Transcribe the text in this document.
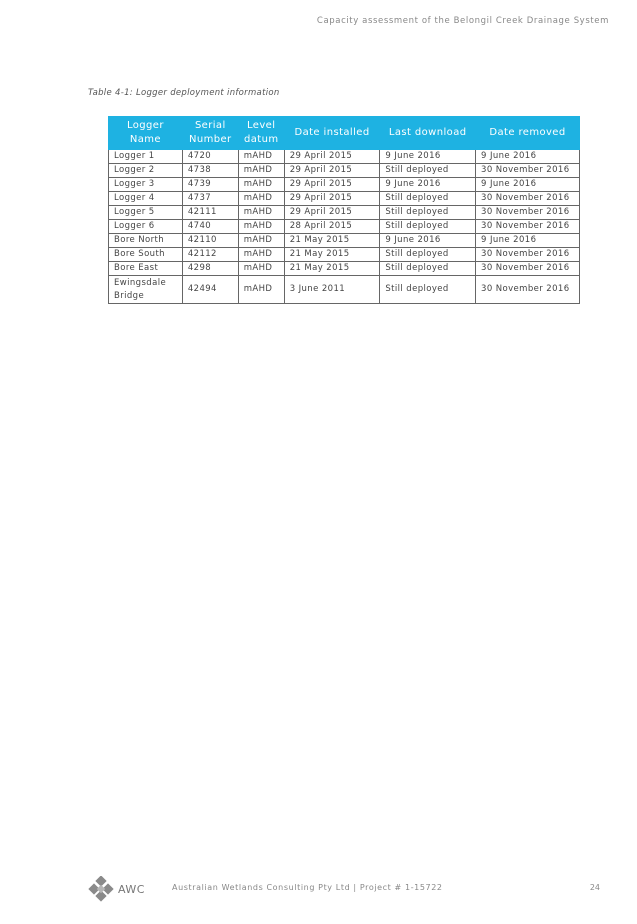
Capacity assessment of the Belongil Creek Drainage System
Table 4-1: Logger deployment information
Logger Name	Serial Number	Level datum	Date installed	Last download	Date removed
Logger 1	4720	mAHD	29 April 2015	9 June 2016	9 June 2016
Logger 2	4738	mAHD	29 April 2015	Still deployed	30 November 2016
Logger 3	4739	mAHD	29 April 2015	9 June 2016	9 June 2016
Logger 4	4737	mAHD	29 April 2015	Still deployed	30 November 2016
Logger 5	42111	mAHD	29 April 2015	Still deployed	30 November 2016
Logger 6	4740	mAHD	28 April 2015	Still deployed	30 November 2016
Bore North	42110	mAHD	21 May 2015	9 June 2016	9 June 2016
Bore South	42112	mAHD	21 May 2015	Still deployed	30 November 2016
Bore East	4298	mAHD	21 May 2015	Still deployed	30 November 2016
Ewingsdale Bridge	42494	mAHD	3 June 2011	Still deployed	30 November 2016
AWC	Australian Wetlands Consulting Pty Ltd | Project # 1-15722	24
